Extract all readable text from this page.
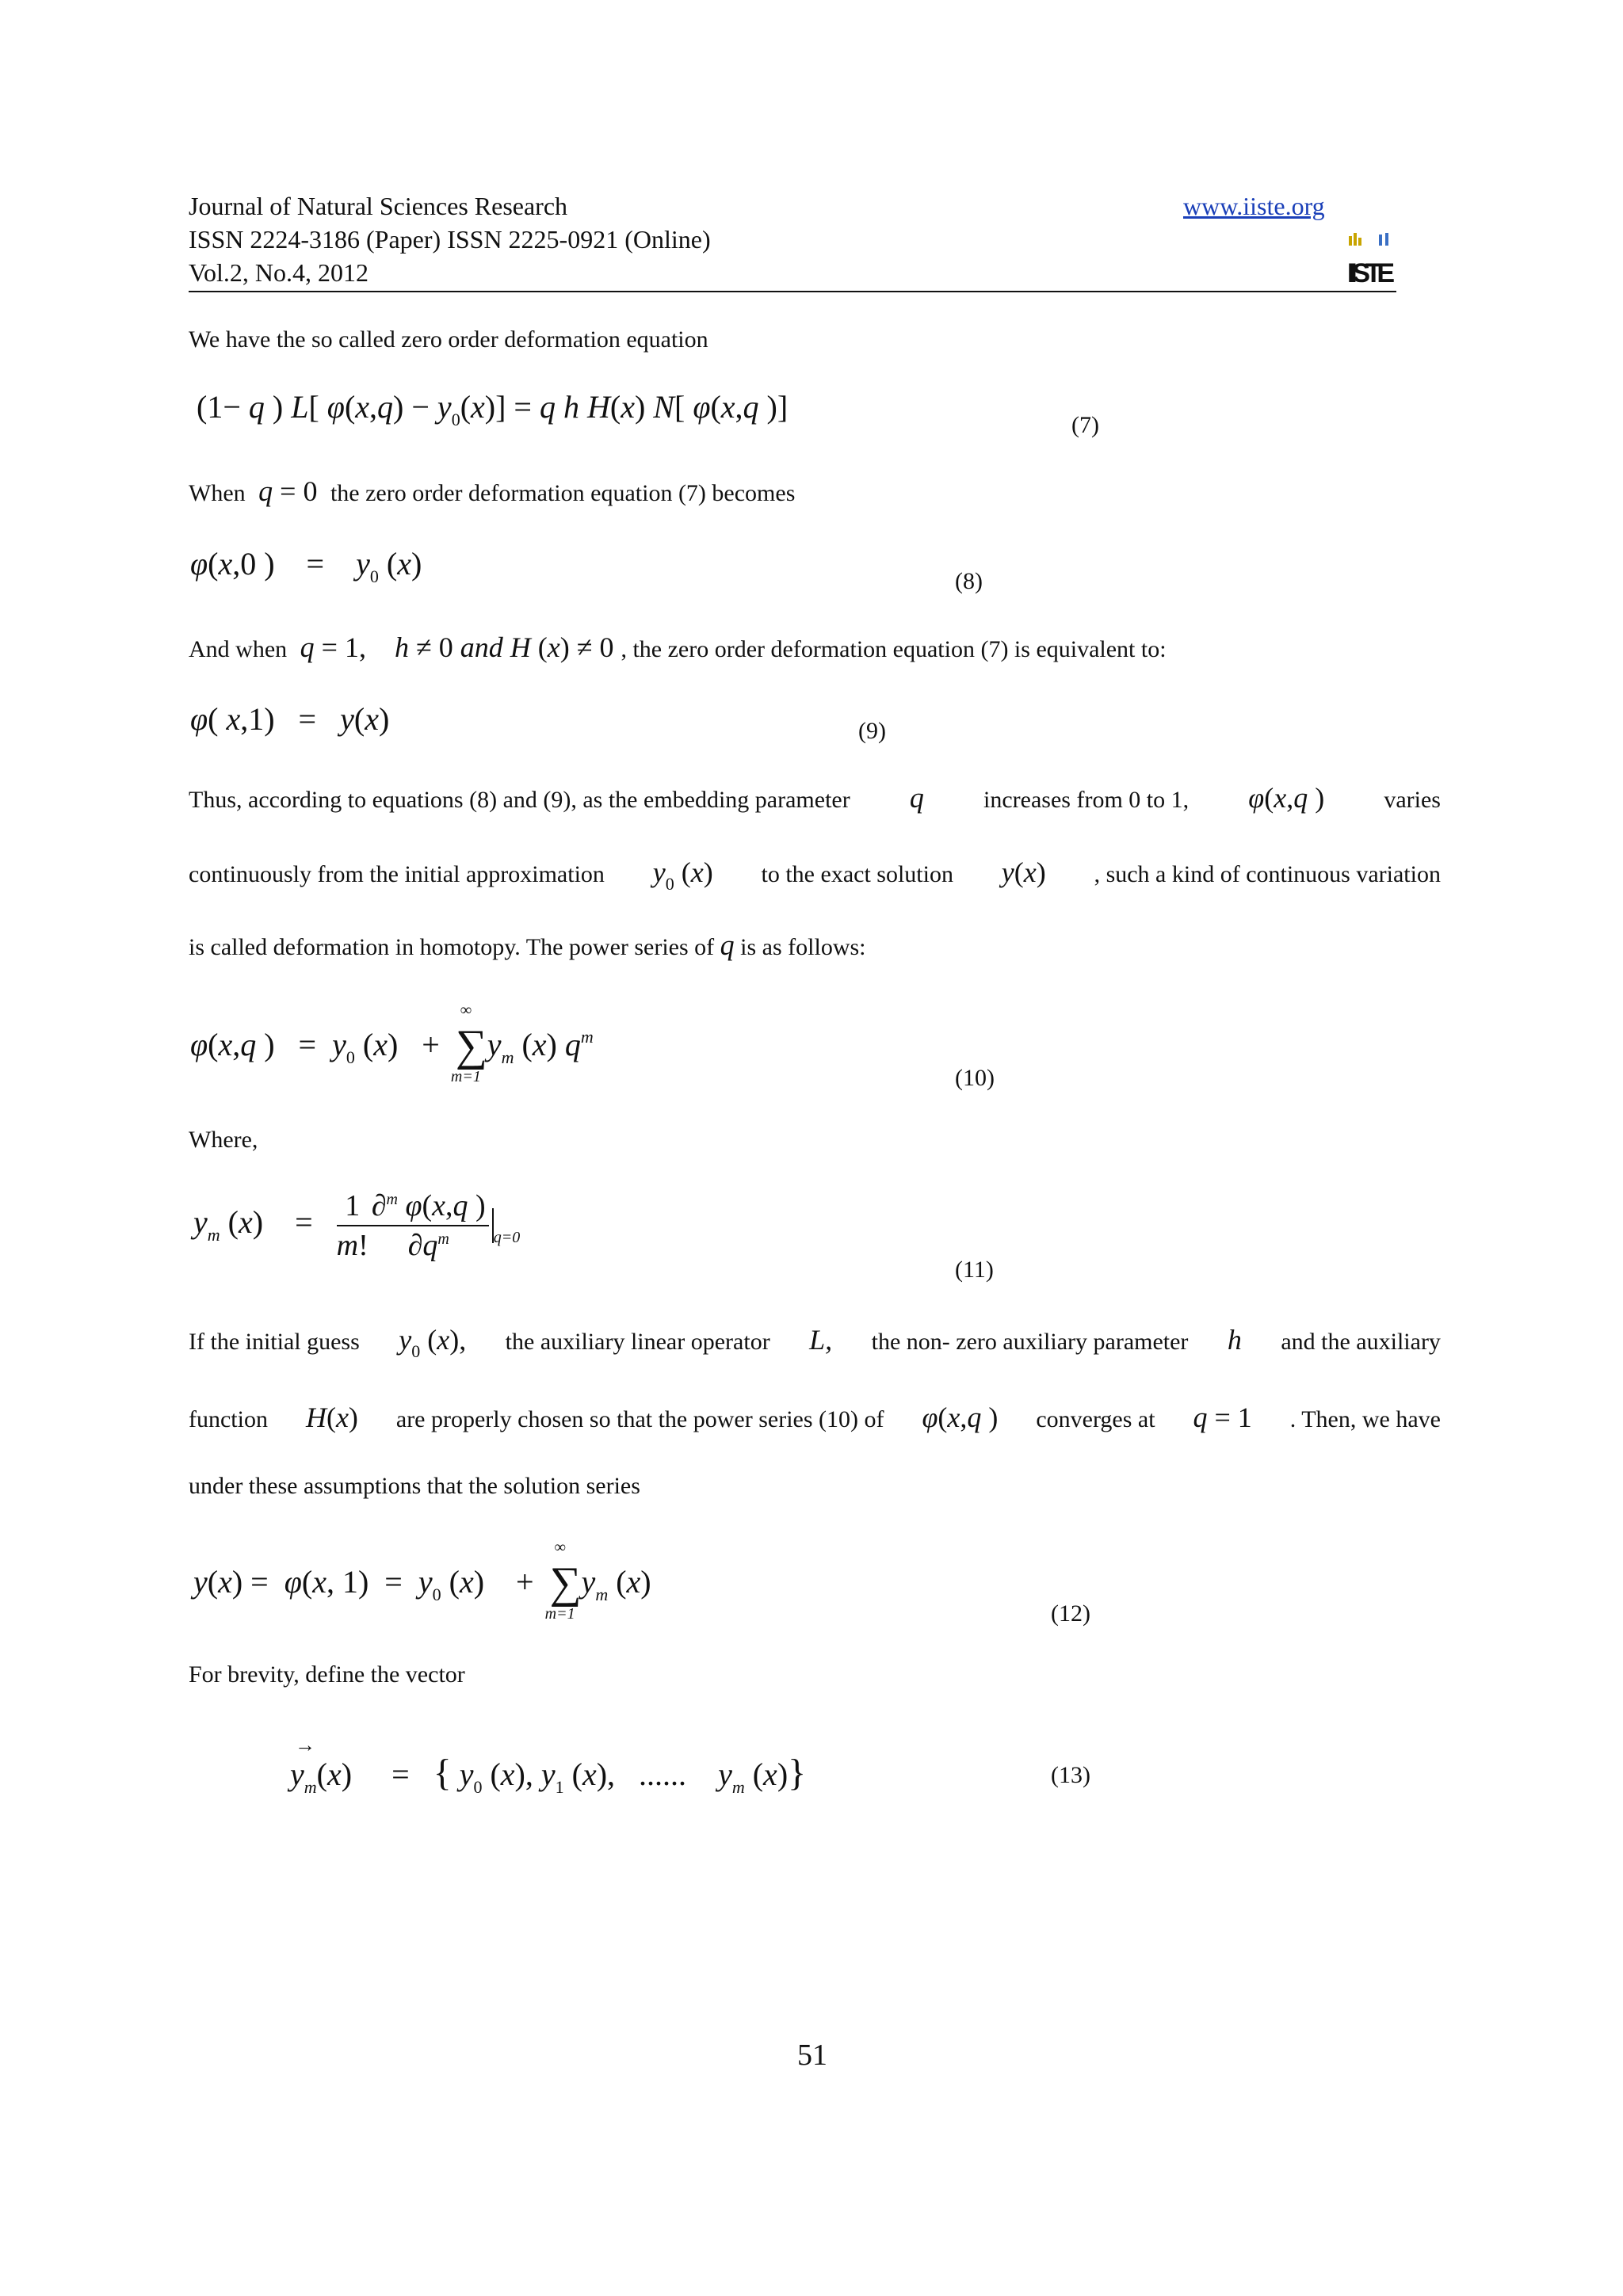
Journal of Natural Sciences Research
ISSN 2224-3186 (Paper) ISSN 2225-0921 (Online)
Vol.2, No.4, 2012
www.iiste.org
IISTE
We have the so called zero order deformation equation
(1− q ) L[ $\varphi(x,q) - y_0(x)] = q$ h H(x) N[ φ(x,q )]
(7)
When q = 0  the zero order deformation equation (7) becomes
φ(x,0 )    =    $y_0$ (x)	(8)
And when q = 1,    h ≠ 0 and H (x) ≠ 0 , the zero order deformation equation (7) is equivalent to:
φ( x,1)   =   y(x)	(9)
Thus, according to equations (8) and (9), as the embedding parameter q	increases from 0 to 1, φ(x,q )	varies
continuously from the initial approximation $y_0$ (x) to the exact solution y(x) , such a kind of continuous variation
is called deformation in homotopy. The power series of q is as follows:
φ(x,q )   =  $y_0$ (x)   +  ∑
∞
m=1
$y_m$ (x) $q^m$
(10)
Where,
$y_m$ (x)    = $\frac{1}{m!} \frac{\partial^m \varphi(x,q )}{\partial q^m} _{q=0}$
(11)
If the initial guess $y_0$ (x), the auxiliary linear operator L, the non- zero auxiliary parameter h and the auxiliary
function H(x) are properly chosen so that the power series (10) of φ(x,q ) converges at q = 1 . Then, we have
under these assumptions that the solution series
y(x) =  φ(x, $1) = y_0$ (x)    +  ∑
∞
m=1
$y_m$ (x)
(12)
For brevity, define the vector
→
$y_m(x)$     =   { $y_0$ (x), $y_1$ (x),   ......    $y_m$ (x)}	(13)
51
